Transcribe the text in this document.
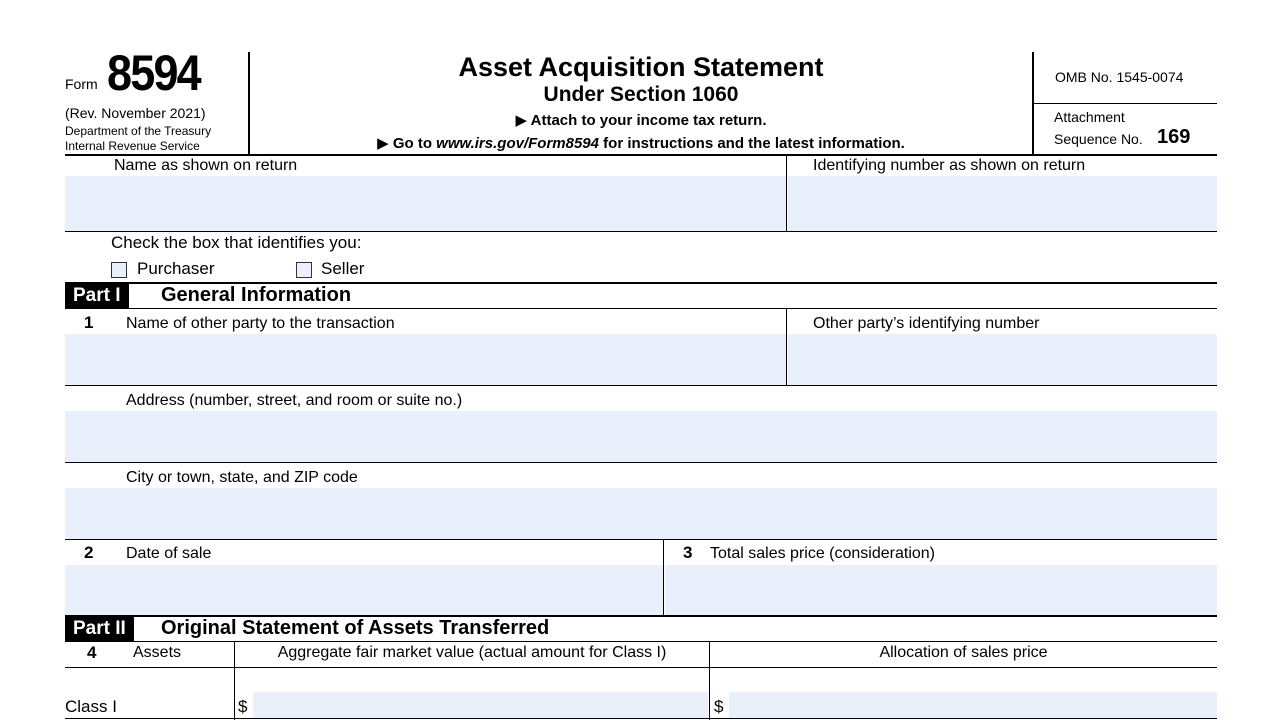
Form 8594
(Rev. November 2021)
Department of the Treasury
Internal Revenue Service
Asset Acquisition Statement
Under Section 1060
▶ Attach to your income tax return.
▶ Go to www.irs.gov/Form8594 for instructions and the latest information.
OMB No. 1545-0074
Attachment
Sequence No. 169
Name as shown on return	Identifying number as shown on return
Check the box that identifies you:
Purchaser	Seller
Part I	General Information
1 Name of other party to the transaction	Other party’s identifying number
Address (number, street, and room or suite no.)
City or town, state, and ZIP code
2 Date of sale	3 Total sales price (consideration)
Part II	Original Statement of Assets Transferred
4 Assets	Aggregate fair market value (actual amount for Class I)	Allocation of sales price
Class I	$	$
